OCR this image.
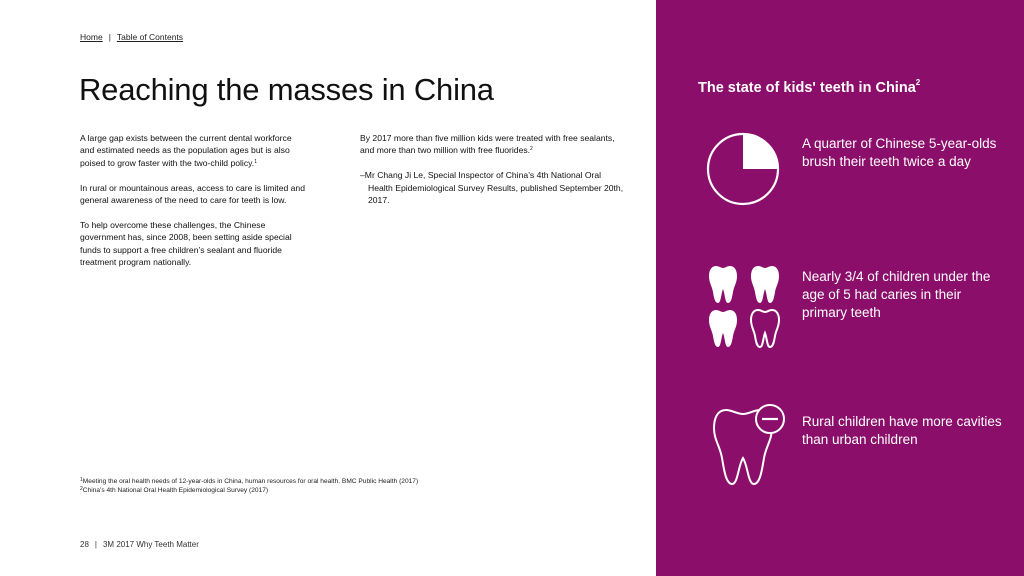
Home | Table of Contents
Reaching the masses in China

A large gap exists between the current dental workforce and estimated needs as the population ages but is also poised to grow faster with the two-child policy.$^1$

In rural or mountainous areas, access to care is limited and general awareness of the need to care for teeth is low.

To help overcome these challenges, the Chinese government has, since 2008, been setting aside special funds to support a free children’s sealant and fluoride treatment program nationally.

By 2017 more than five million kids were treated with free sealants, and more than two million with free fluorides.$^2$

–Mr Chang Ji Le, Special Inspector of China’s 4th National Oral Health Epidemiological Survey Results, published September 20th, 2017.

$^1$Meeting the oral health needs of 12-year-olds in China, human resources for oral health. BMC Public Health (2017)
$^2$China’s 4th National Oral Health Epidemiological Survey (2017)
28 | 3M 2017 Why Teeth Matter
The state of kids' teeth in China$^2$
A quarter of Chinese 5-year-olds brush their teeth twice a day
Nearly 3/4 of children under the age of 5 had caries in their primary teeth
Rural children have more cavities than urban children
